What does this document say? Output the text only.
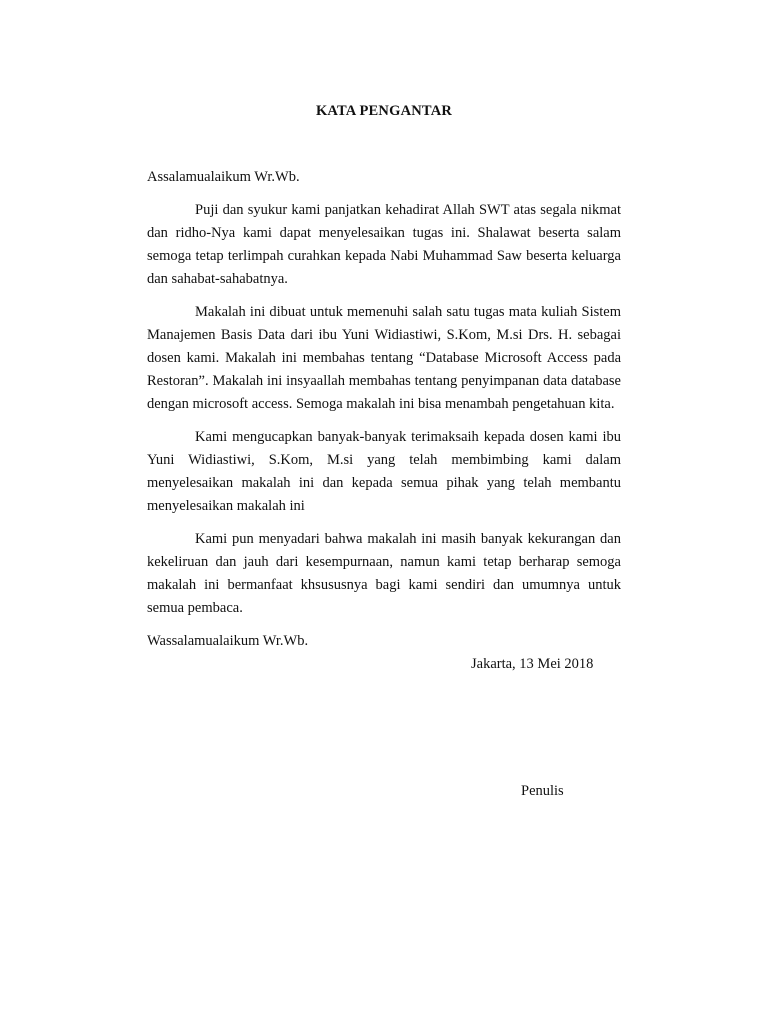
KATA PENGANTAR

Assalamualaikum Wr.Wb.

Puji dan syukur kami panjatkan kehadirat Allah SWT atas segala nikmat dan ridho-Nya kami dapat menyelesaikan tugas ini. Shalawat beserta salam semoga tetap terlimpah curahkan kepada Nabi Muhammad Saw beserta keluarga dan sahabat-sahabatnya.

Makalah ini dibuat untuk memenuhi salah satu tugas mata kuliah Sistem Manajemen Basis Data dari ibu Yuni Widiastiwi, S.Kom, M.si Drs. H. sebagai dosen kami. Makalah ini membahas tentang “Database Microsoft Access pada Restoran”. Makalah ini insyaallah membahas tentang penyimpanan data database dengan microsoft access. Semoga makalah ini bisa menambah pengetahuan kita.

Kami mengucapkan banyak-banyak terimaksaih kepada dosen kami ibu Yuni Widiastiwi, S.Kom, M.si yang telah membimbing kami dalam menyelesaikan makalah ini dan kepada semua pihak yang telah membantu menyelesaikan makalah ini

Kami pun menyadari bahwa makalah ini masih banyak kekurangan dan kekeliruan dan jauh dari kesempurnaan, namun kami tetap berharap semoga makalah ini bermanfaat khsususnya bagi kami sendiri dan umumnya untuk semua pembaca.

Wassalamualaikum Wr.Wb.

Jakarta, 13 Mei 2018

Penulis
